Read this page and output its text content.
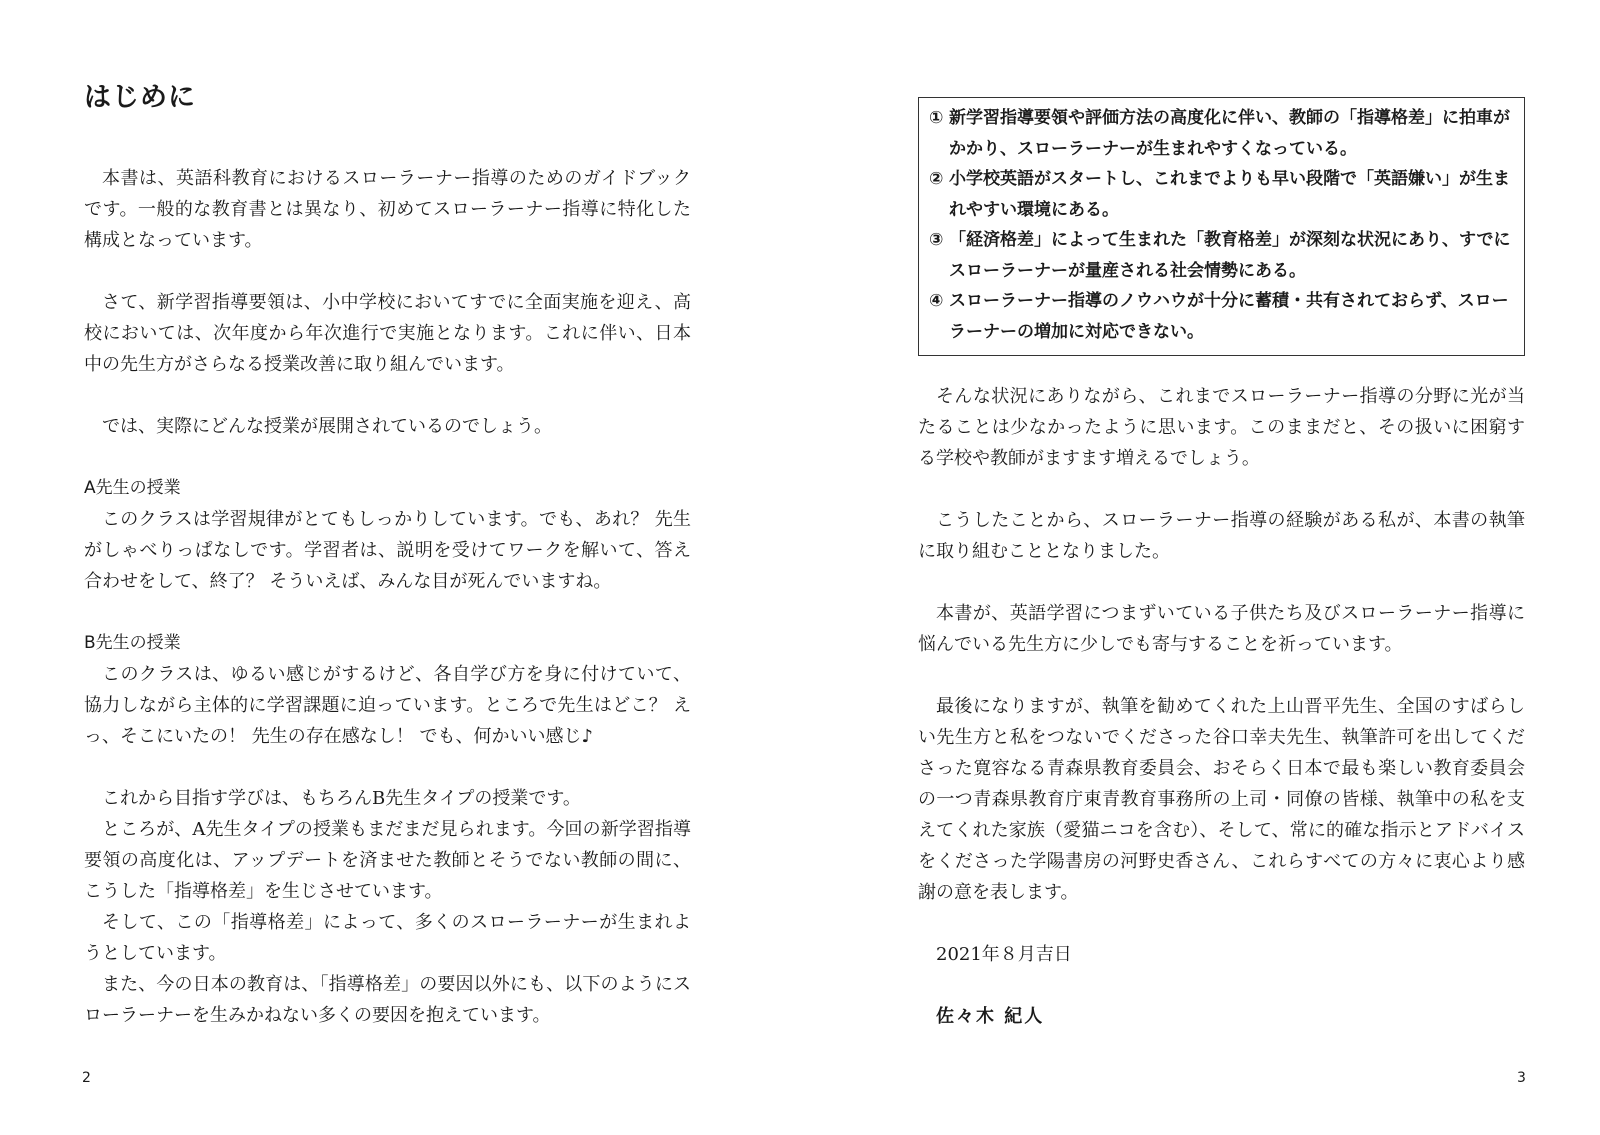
はじめに

本書は、英語科教育におけるスローラーナー指導のためのガイドブックです。一般的な教育書とは異なり、初めてスローラーナー指導に特化した構成となっています。

さて、新学習指導要領は、小中学校においてすでに全面実施を迎え、高校においては、次年度から年次進行で実施となります。これに伴い、日本中の先生方がさらなる授業改善に取り組んでいます。

では、実際にどんな授業が展開されているのでしょう。

A先生の授業

このクラスは学習規律がとてもしっかりしています。でも、あれ？ 先生がしゃべりっぱなしです。学習者は、説明を受けてワークを解いて、答え合わせをして、終了？ そういえば、みんな目が死んでいますね。

B先生の授業

このクラスは、ゆるい感じがするけど、各自学び方を身に付けていて、協力しながら主体的に学習課題に迫っています。ところで先生はどこ？ えっ、そこにいたの！ 先生の存在感なし！ でも、何かいい感じ♪

これから目指す学びは、もちろんB先生タイプの授業です。

ところが、A先生タイプの授業もまだまだ見られます。今回の新学習指導要領の高度化は、アップデートを済ませた教師とそうでない教師の間に、こうした「指導格差」を生じさせています。

そして、この「指導格差」によって、多くのスローラーナーが生まれようとしています。

また、今の日本の教育は、「指導格差」の要因以外にも、以下のようにスローラーナーを生みかねない多くの要因を抱えています。

2
① 新学習指導要領や評価方法の高度化に伴い、教師の「指導格差」に拍車がかかり、スローラーナーが生まれやすくなっている。
② 小学校英語がスタートし、これまでよりも早い段階で「英語嫌い」が生まれやすい環境にある。
③ 「経済格差」によって生まれた「教育格差」が深刻な状況にあり、すでにスローラーナーが量産される社会情勢にある。
④ スローラーナー指導のノウハウが十分に蓄積・共有されておらず、スローラーナーの増加に対応できない。

そんな状況にありながら、これまでスローラーナー指導の分野に光が当たることは少なかったように思います。このままだと、その扱いに困窮する学校や教師がますます増えるでしょう。

こうしたことから、スローラーナー指導の経験がある私が、本書の執筆に取り組むこととなりました。

本書が、英語学習につまずいている子供たち及びスローラーナー指導に悩んでいる先生方に少しでも寄与することを祈っています。

最後になりますが、執筆を勧めてくれた上山晋平先生、全国のすばらしい先生方と私をつないでくださった谷口幸夫先生、執筆許可を出してくださった寛容なる青森県教育委員会、おそらく日本で最も楽しい教育委員会の一つ青森県教育庁東青教育事務所の上司・同僚の皆様、執筆中の私を支えてくれた家族（愛猫ニコを含む）、そして、常に的確な指示とアドバイスをくださった学陽書房の河野史香さん、これらすべての方々に衷心より感謝の意を表します。

2021年８月吉日

佐々木 紀人

3
